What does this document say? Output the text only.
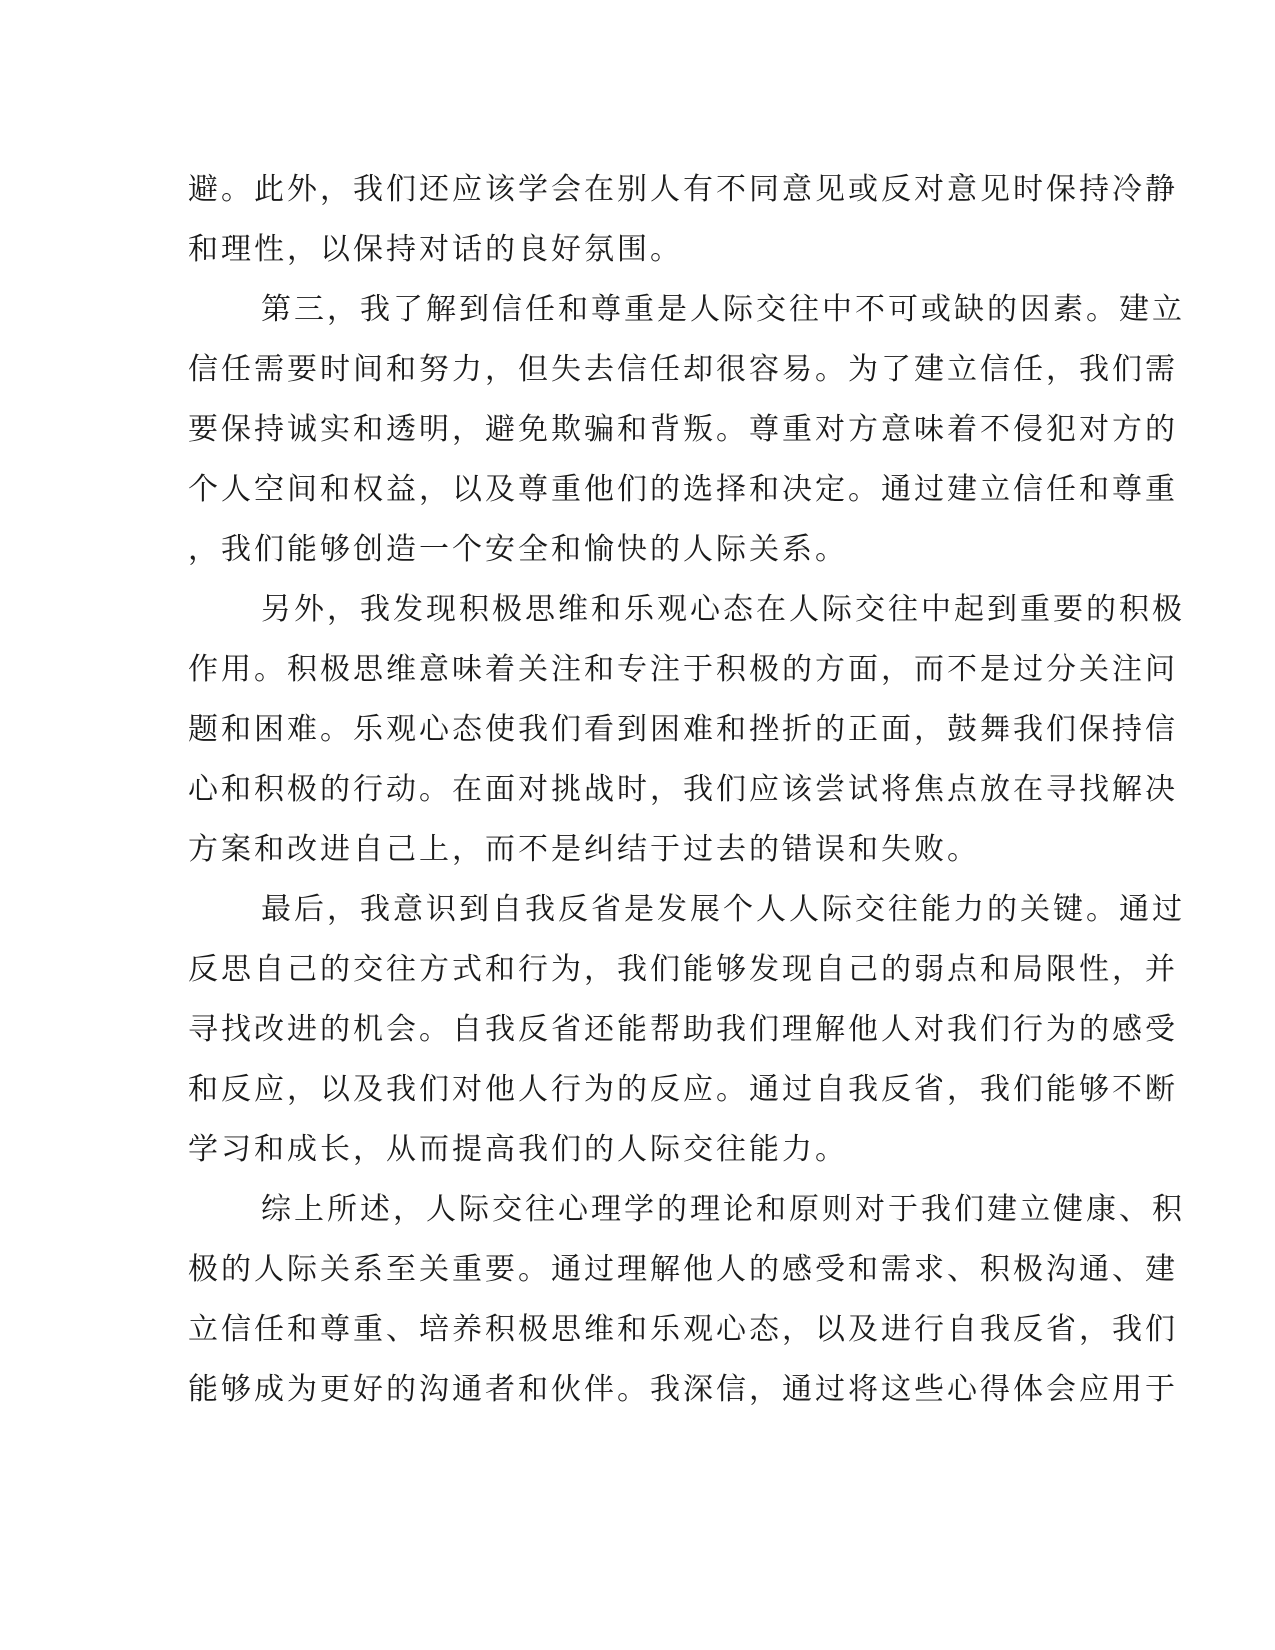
避。此外，我们还应该学会在别人有不同意见或反对意见时保持冷静
和理性，以保持对话的良好氛围。
第三，我了解到信任和尊重是人际交往中不可或缺的因素。建立
信任需要时间和努力，但失去信任却很容易。为了建立信任，我们需
要保持诚实和透明，避免欺骗和背叛。尊重对方意味着不侵犯对方的
个人空间和权益，以及尊重他们的选择和决定。通过建立信任和尊重
，我们能够创造一个安全和愉快的人际关系。
另外，我发现积极思维和乐观心态在人际交往中起到重要的积极
作用。积极思维意味着关注和专注于积极的方面，而不是过分关注问
题和困难。乐观心态使我们看到困难和挫折的正面，鼓舞我们保持信
心和积极的行动。在面对挑战时，我们应该尝试将焦点放在寻找解决
方案和改进自己上，而不是纠结于过去的错误和失败。
最后，我意识到自我反省是发展个人人际交往能力的关键。通过
反思自己的交往方式和行为，我们能够发现自己的弱点和局限性，并
寻找改进的机会。自我反省还能帮助我们理解他人对我们行为的感受
和反应，以及我们对他人行为的反应。通过自我反省，我们能够不断
学习和成长，从而提高我们的人际交往能力。
综上所述，人际交往心理学的理论和原则对于我们建立健康、积
极的人际关系至关重要。通过理解他人的感受和需求、积极沟通、建
立信任和尊重、培养积极思维和乐观心态，以及进行自我反省，我们
能够成为更好的沟通者和伙伴。我深信，通过将这些心得体会应用于
